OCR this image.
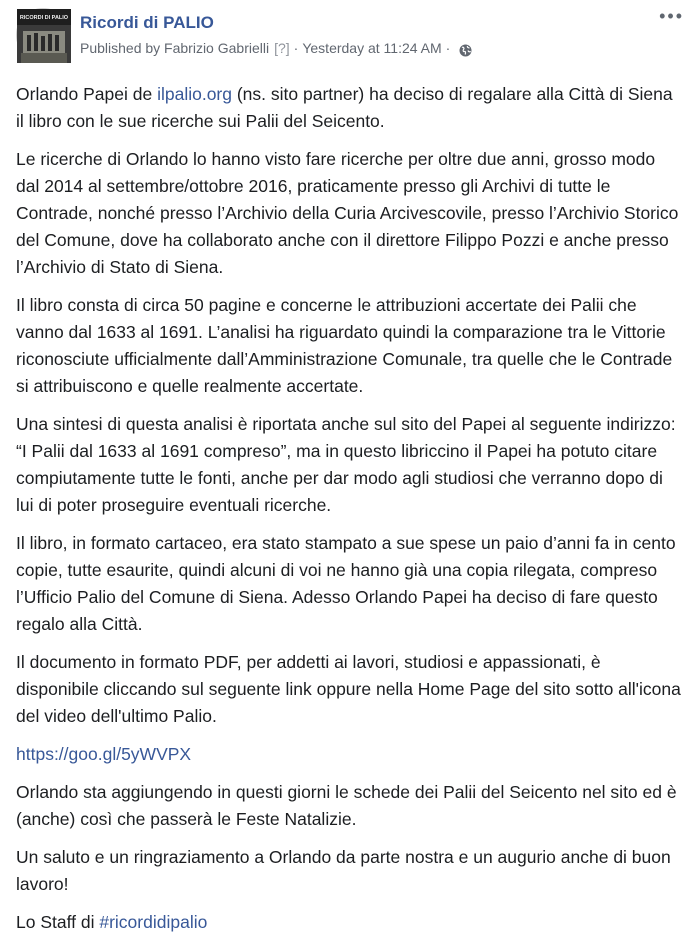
RICORDI DI PALIO Ricordi di PALIO
Published by Fabrizio Gabrielli [?] · Yesterday at 11:24 AM ·
•••

Orlando Papei de ilpalio.org (ns. sito partner) ha deciso di regalare alla Città di Siena il libro con le sue ricerche sui Palii del Seicento.

Le ricerche di Orlando lo hanno visto fare ricerche per oltre due anni, grosso modo dal 2014 al settembre/ottobre 2016, praticamente presso gli Archivi di tutte le Contrade, nonché presso l’Archivio della Curia Arcivescovile, presso l’Archivio Storico del Comune, dove ha collaborato anche con il direttore Filippo Pozzi e anche presso l’Archivio di Stato di Siena.

Il libro consta di circa 50 pagine e concerne le attribuzioni accertate dei Palii che vanno dal 1633 al 1691. L’analisi ha riguardato quindi la comparazione tra le Vittorie riconosciute ufficialmente dall’Amministrazione Comunale, tra quelle che le Contrade si attribuiscono e quelle realmente accertate.

Una sintesi di questa analisi è riportata anche sul sito del Papei al seguente indirizzo: “I Palii dal 1633 al 1691 compreso”, ma in questo libriccino il Papei ha potuto citare compiutamente tutte le fonti, anche per dar modo agli studiosi che verranno dopo di lui di poter proseguire eventuali ricerche.

Il libro, in formato cartaceo, era stato stampato a sue spese un paio d’anni fa in cento copie, tutte esaurite, quindi alcuni di voi ne hanno già una copia rilegata, compreso l’Ufficio Palio del Comune di Siena. Adesso Orlando Papei ha deciso di fare questo regalo alla Città.

Il documento in formato PDF, per addetti ai lavori, studiosi e appassionati, è disponibile cliccando sul seguente link oppure nella Home Page del sito sotto all'icona del video dell'ultimo Palio.

https://goo.gl/5yWVPX

Orlando sta aggiungendo in questi giorni le schede dei Palii del Seicento nel sito ed è (anche) così che passerà le Feste Natalizie.

Un saluto e un ringraziamento a Orlando da parte nostra e un augurio anche di buon lavoro!

Lo Staff di #ricordidipalio
